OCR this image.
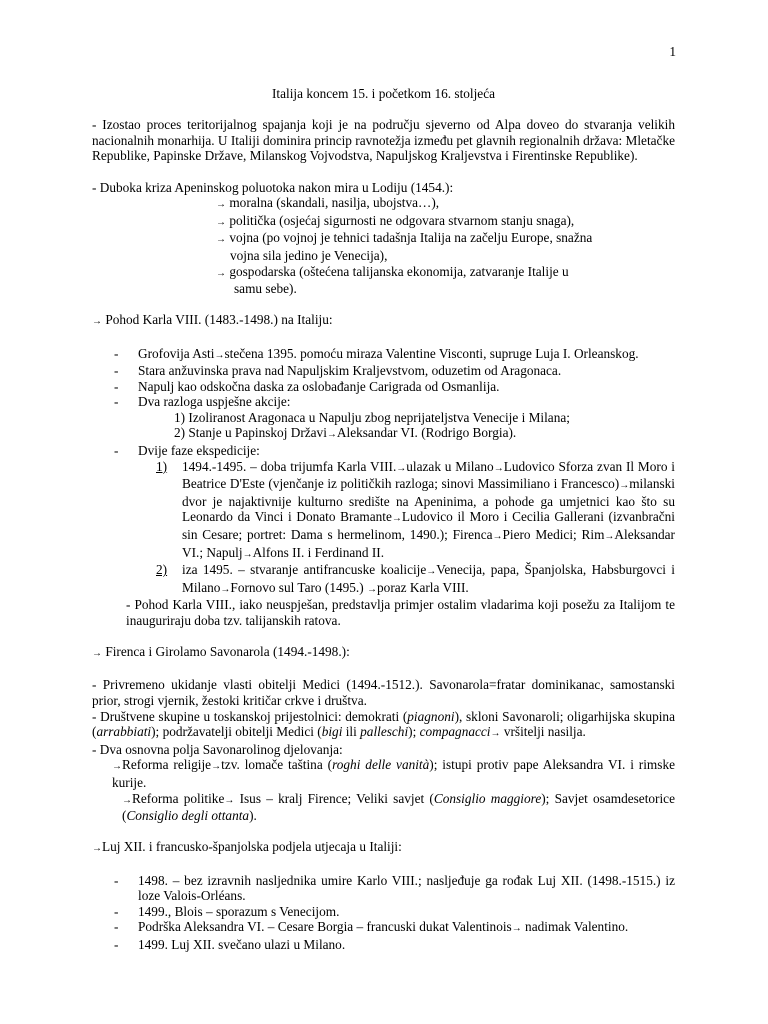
1

Italija koncem 15. i početkom 16. stoljeća

- Izostao proces teritorijalnog spajanja koji je na području sjeverno od Alpa doveo do stvaranja velikih nacionalnih monarhija. U Italiji dominira princip ravnotežja između pet glavnih regionalnih država: Mletačke Republike, Papinske Države, Milanskog Vojvodstva, Napuljskog Kraljevstva i Firentinske Republike).

- Duboka kriza Apeninskog poluotoka nakon mira u Lodiju (1454.):

→ moralna (skandali, nasilja, ubojstva…),

→ politička (osjećaj sigurnosti ne odgovara stvarnom stanju snaga),

→ vojna (po vojnoj je tehnici tadašnja Italija na začelju Europe, snažna

vojna sila jedino je Venecija),

→ gospodarska (oštećena talijanska ekonomija, zatvaranje Italije u

samu sebe).

→ Pohod Karla VIII. (1483.-1498.) na Italiju:

- Grofovija Asti→stečena 1395. pomoću miraza Valentine Visconti, supruge Luja I. Orleanskog.
- Stara anžuvinska prava nad Napuljskim Kraljevstvom, oduzetim od Aragonaca.
- Napulj kao odskočna daska za oslobađanje Carigrada od Osmanlija.
- Dva razloga uspješne akcije:

1) Izoliranost Aragonaca u Napulju zbog neprijateljstva Venecije i Milana;

2) Stanje u Papinskoj Državi→Aleksandar VI. (Rodrigo Borgia).

- Dvije faze ekspedicije:

1) 1494.-1495. – doba trijumfa Karla VIII.→ulazak u Milano→Ludovico Sforza zvan Il Moro i Beatrice D'Este (vjenčanje iz političkih razloga; sinovi Massimiliano i Francesco)→milanski dvor je najaktivnije kulturno središte na Apeninima, a pohode ga umjetnici kao što su Leonardo da Vinci i Donato Bramante→Ludovico il Moro i Cecilia Gallerani (izvanbračni sin Cesare; portret: Dama s hermelinom, 1490.); Firenca→Piero Medici; Rim→Aleksandar VI.; Napulj→Alfons II. i Ferdinand II.

2) iza 1495. – stvaranje antifrancuske koalicije→Venecija, papa, Španjolska, Habsburgovci i Milano→Fornovo sul Taro (1495.) →poraz Karla VIII.

- Pohod Karla VIII., iako neuspješan, predstavlja primjer ostalim vladarima koji posežu za Italijom te inauguriraju doba tzv. talijanskih ratova.

→ Firenca i Girolamo Savonarola (1494.-1498.):

- Privremeno ukidanje vlasti obitelji Medici (1494.-1512.). Savonarola=fratar dominikanac, samostanski prior, strogi vjernik, žestoki kritičar crkve i društva.

- Društvene skupine u toskanskoj prijestolnici: demokrati (piagnoni), skloni Savonaroli; oligarhijska skupina (arrabbiati); podržavatelji obitelji Medici (bigi ili palleschi); compagnacci→ vršitelji nasilja.

- Dva osnovna polja Savonarolinog djelovanja:

→Reforma religije→tzv. lomače taština (roghi delle vanità); istupi protiv pape Aleksandra VI. i rimske kurije.

→Reforma politike→ Isus – kralj Firence; Veliki savjet (Consiglio maggiore); Savjet osamdesetorice (Consiglio degli ottanta).

→Luj XII. i francusko-španjolska podjela utjecaja u Italiji:

- 1498. – bez izravnih nasljednika umire Karlo VIII.; nasljeđuje ga rođak Luj XII. (1498.-1515.) iz loze Valois-Orléans.
- 1499., Blois – sporazum s Venecijom.
- Podrška Aleksandra VI. – Cesare Borgia – francuski dukat Valentinois→ nadimak Valentino.
- 1499. Luj XII. svečano ulazi u Milano.
